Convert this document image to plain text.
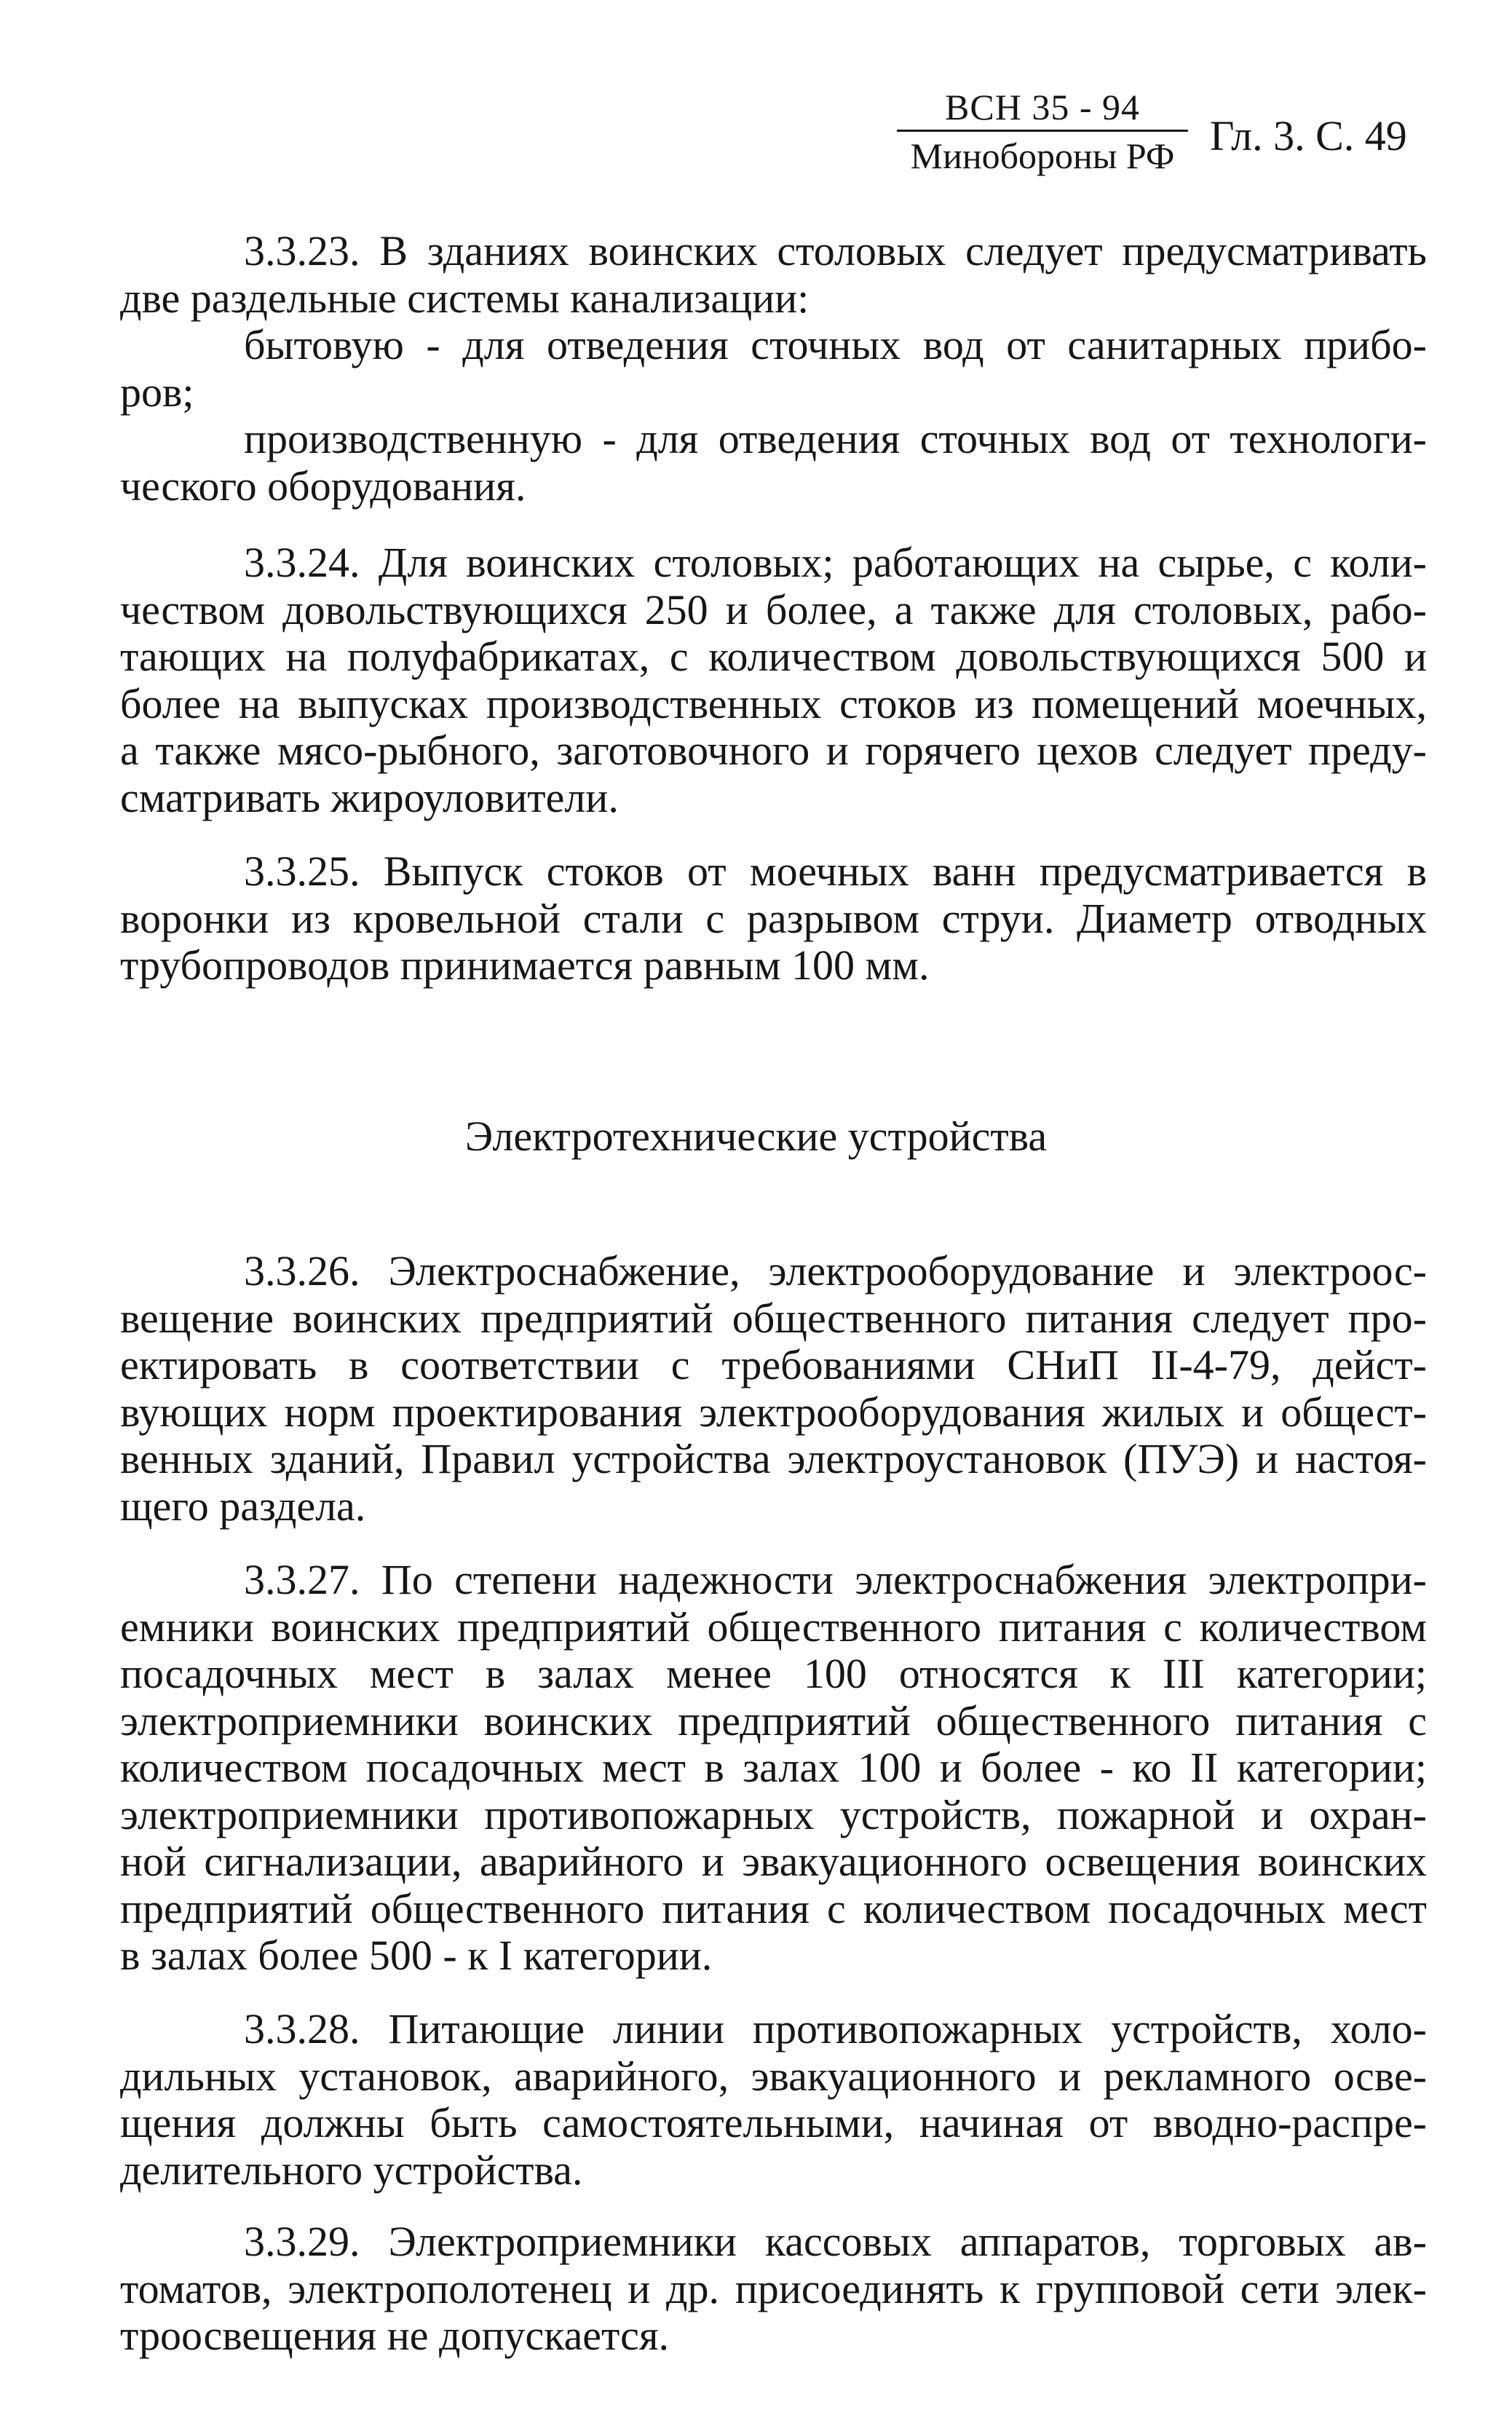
ВСН 35 - 94
Минобороны РФ Гл. 3. С. 49
3.3.23. В зданиях воинских столовых следует предусматривать
две раздельные системы канализации:
бытовую - для отведения сточных вод от санитарных прибо-
ров;
производственную - для отведения сточных вод от технологи-
ческого оборудования.
3.3.24. Для воинских столовых; работающих на сырье, с коли-
чеством довольствующихся 250 и более, а также для столовых, рабо-
тающих на полуфабрикатах, с количеством довольствующихся 500 и
более на выпусках производственных стоков из помещений моечных,
а также мясо-рыбного, заготовочного и горячего цехов следует преду-
сматривать жироуловители.
3.3.25. Выпуск стоков от моечных ванн предусматривается в
воронки из кровельной стали с разрывом струи. Диаметр отводных
трубопроводов принимается равным 100 мм.
Электротехнические устройства
3.3.26. Электроснабжение, электрооборудование и электроос-
вещение воинских предприятий общественного питания следует про-
ектировать в соответствии с требованиями СНиП II-4-79, дейст-
вующих норм проектирования электрооборудования жилых и общест-
венных зданий, Правил устройства электроустановок (ПУЭ) и настоя-
щего раздела.
3.3.27. По степени надежности электроснабжения электропри-
емники воинских предприятий общественного питания с количеством
посадочных мест в залах менее 100 относятся к III категории;
электроприемники воинских предприятий общественного питания с
количеством посадочных мест в залах 100 и более - ко II категории;
электроприемники противопожарных устройств, пожарной и охран-
ной сигнализации, аварийного и эвакуационного освещения воинских
предприятий общественного питания с количеством посадочных мест
в залах более 500 - к I категории.
3.3.28. Питающие линии противопожарных устройств, холо-
дильных установок, аварийного, эвакуационного и рекламного осве-
щения должны быть самостоятельными, начиная от вводно-распре-
делительного устройства.
3.3.29. Электроприемники кассовых аппаратов, торговых ав-
томатов, электрополотенец и др. присоединять к групповой сети элек-
троосвещения не допускается.
